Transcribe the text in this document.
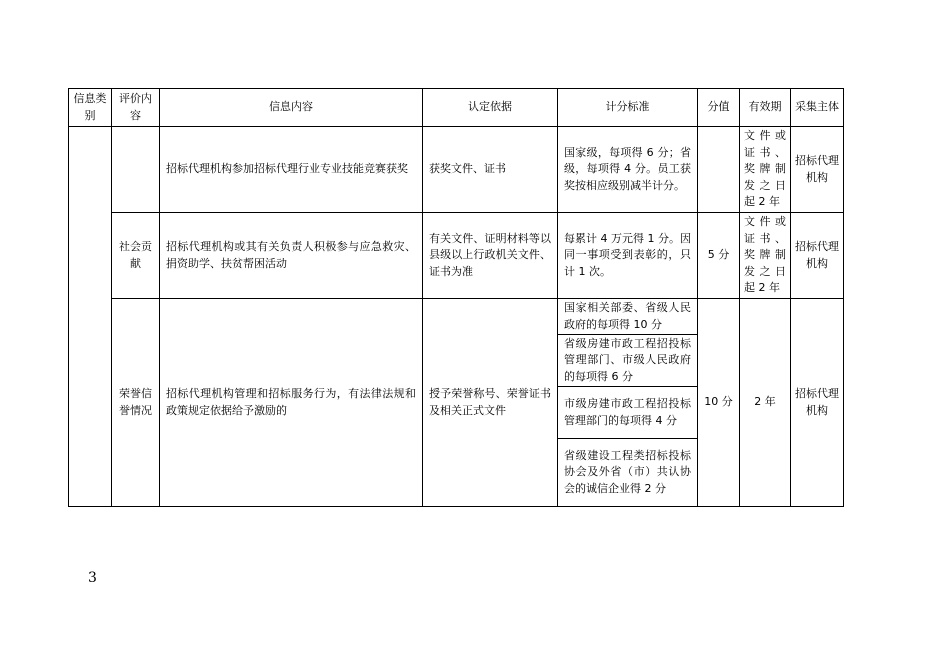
信息类别	评价内容	信息内容	认定依据	计分标准	分值	有效期	采集主体
		招标代理机构参加招标代理行业专业技能竞赛获奖	获奖文件、证书	国家级，每项得 6 分；省级，每项得 4 分。员工获奖按相应级别减半计分。		文件或证书、奖牌制发之日起 2 年	招标代理机构
	社会贡献	招标代理机构或其有关负责人积极参与应急救灾、捐资助学、扶贫帮困活动	有关文件、证明材料等以县级以上行政机关文件、证书为准	每累计 4 万元得 1 分。因同一事项受到表彰的，只计 1 次。	5 分	文件或证书、奖牌制发之日起 2 年	招标代理机构
	荣誉信誉情况	招标代理机构管理和招标服务行为，有法律法规和政策规定依据给予激励的	授予荣誉称号、荣誉证书及相关正式文件	国家相关部委、省级人民政府的每项得 10 分	10 分	2 年	招标代理机构
				省级房建市政工程招投标管理部门、市级人民政府的每项得 6 分			
				市级房建市政工程招投标管理部门的每项得 4 分			
				省级建设工程类招标投标协会及外省（市）共认协会的诚信企业得 2 分			
3
